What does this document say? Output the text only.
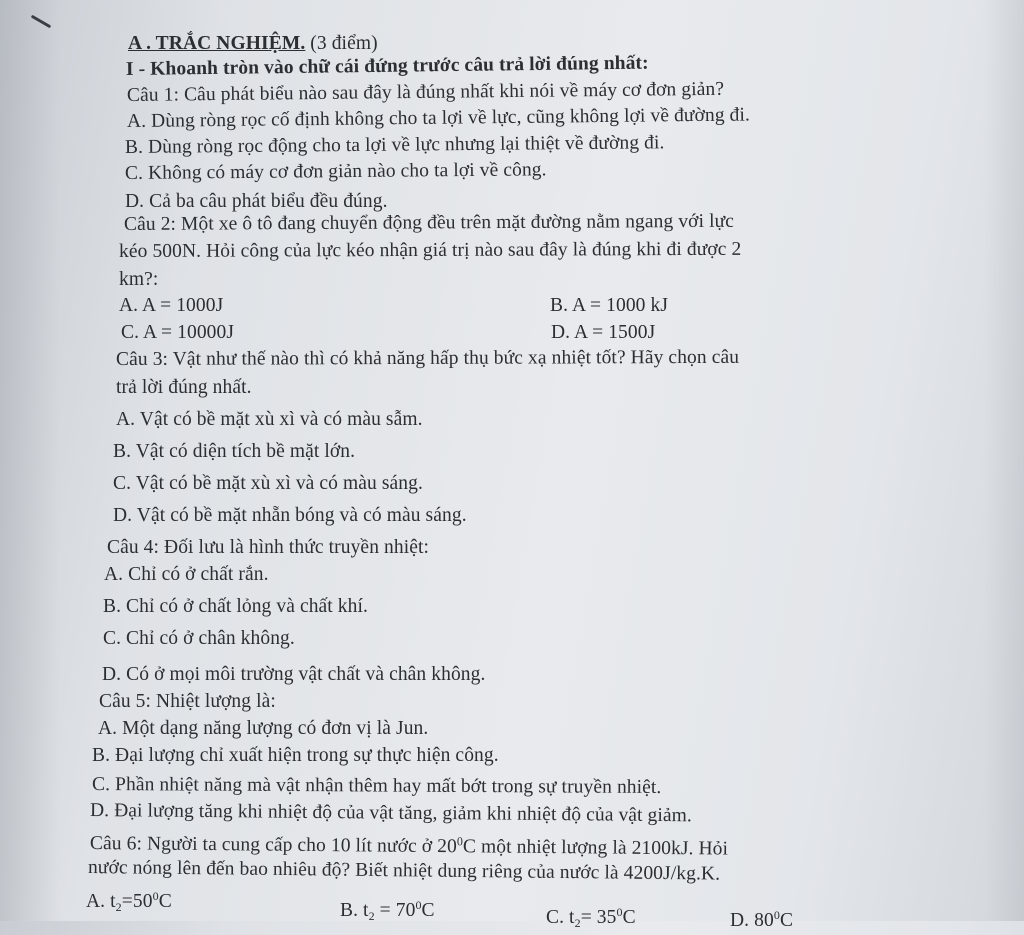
A . TRẮC NGHIỆM. (3 điểm)
I - Khoanh tròn vào chữ cái đứng trước câu trả lời đúng nhất:
Câu 1: Câu phát biểu nào sau đây là đúng nhất khi nói về máy cơ đơn giản?
A. Dùng ròng rọc cố định không cho ta lợi về lực, cũng không lợi về đường đi.
B. Dùng ròng rọc động cho ta lợi về lực nhưng lại thiệt về đường đi.
C. Không có máy cơ đơn giản nào cho ta lợi về công.
D. Cả ba câu phát biểu đều đúng.
Câu 2: Một xe ô tô đang chuyển động đều trên mặt đường nằm ngang với lực
kéo 500N. Hỏi công của lực kéo nhận giá trị nào sau đây là đúng khi đi được 2
km?:
A. A = 1000J	B. A = 1000 kJ
C. A = 10000J	D. A = 1500J
Câu 3: Vật như thế nào thì có khả năng hấp thụ bức xạ nhiệt tốt? Hãy chọn câu
trả lời đúng nhất.
A. Vật có bề mặt xù xì và có màu sẫm.
B. Vật có diện tích bề mặt lớn.
C. Vật có bề mặt xù xì và có màu sáng.
D. Vật có bề mặt nhẵn bóng và có màu sáng.
Câu 4: Đối lưu là hình thức truyền nhiệt:
A. Chỉ có ở chất rắn.
B. Chỉ có ở chất lỏng và chất khí.
C. Chỉ có ở chân không.
D. Có ở mọi môi trường vật chất và chân không.
Câu 5: Nhiệt lượng là:
A. Một dạng năng lượng có đơn vị là Jun.
B. Đại lượng chỉ xuất hiện trong sự thực hiện công.
C. Phần nhiệt năng mà vật nhận thêm hay mất bớt trong sự truyền nhiệt.
D. Đại lượng tăng khi nhiệt độ của vật tăng, giảm khi nhiệt độ của vật giảm.
Câu 6: Người ta cung cấp cho 10 lít nước ở $20^0C$ một nhiệt lượng là 2100kJ. Hỏi
nước nóng lên đến bao nhiêu độ? Biết nhiệt dung riêng của nước là 4200J/kg.K.
A. $t_2=50^0C$	B. $t_2 = 70^0C$	C. $t_2= 35^0C$	D. $80^0C$
